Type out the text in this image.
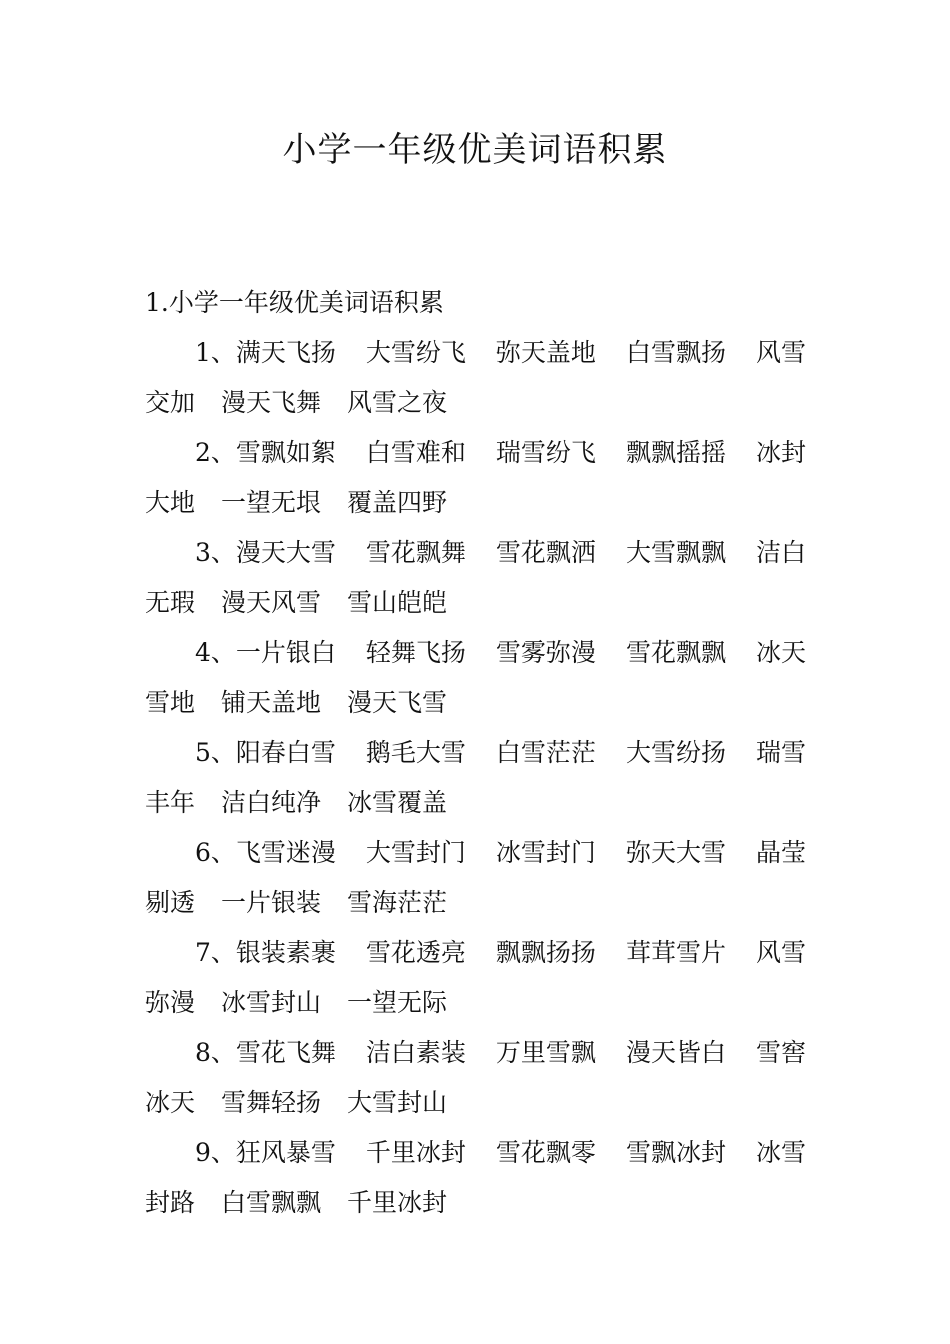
小学一年级优美词语积累

1.小学一年级优美词语积累

1、满天飞扬 大雪纷飞 弥天盖地 白雪飘扬 风雪
交加 漫天飞舞 风雪之夜
2、雪飘如絮 白雪难和 瑞雪纷飞 飘飘摇摇 冰封
大地 一望无垠 覆盖四野
3、漫天大雪 雪花飘舞 雪花飘洒 大雪飘飘 洁白
无瑕 漫天风雪 雪山皑皑
4、一片银白 轻舞飞扬 雪雾弥漫 雪花飘飘 冰天
雪地 铺天盖地 漫天飞雪
5、阳春白雪 鹅毛大雪 白雪茫茫 大雪纷扬 瑞雪
丰年 洁白纯净 冰雪覆盖
6、飞雪迷漫 大雪封门 冰雪封门 弥天大雪 晶莹
剔透 一片银装 雪海茫茫
7、银装素裹 雪花透亮 飘飘扬扬 茸茸雪片 风雪
弥漫 冰雪封山 一望无际
8、雪花飞舞 洁白素装 万里雪飘 漫天皆白 雪窖
冰天 雪舞轻扬 大雪封山
9、狂风暴雪 千里冰封 雪花飘零 雪飘冰封 冰雪
封路 白雪飘飘 千里冰封
